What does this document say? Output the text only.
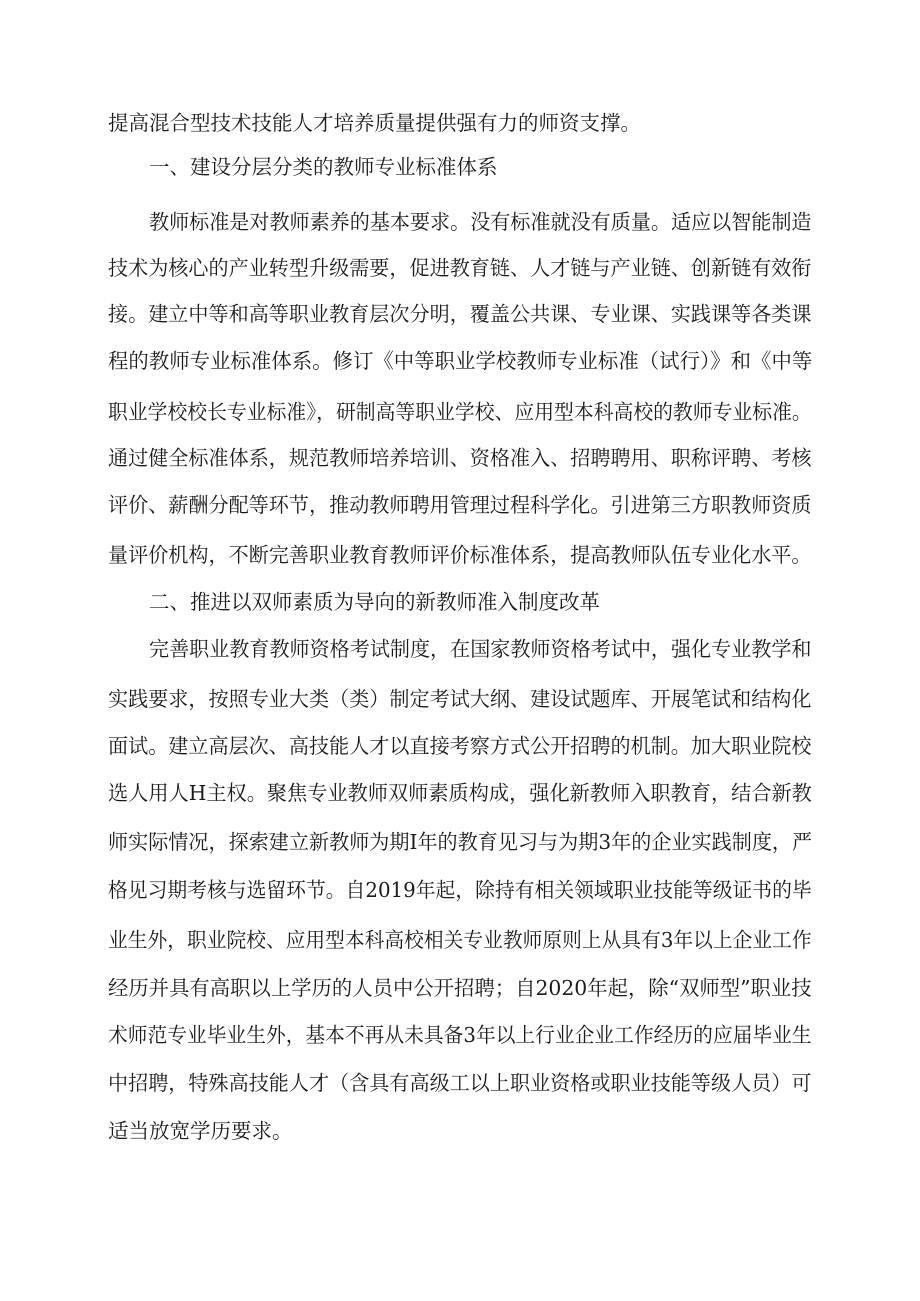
提高混合型技术技能人才培养质量提供强有力的师资支撑。
一、建设分层分类的教师专业标准体系
教师标准是对教师素养的基本要求。没有标准就没有质量。适应以智能制造
技术为核心的产业转型升级需要，促进教育链、人才链与产业链、创新链有效衔
接。建立中等和高等职业教育层次分明，覆盖公共课、专业课、实践课等各类课
程的教师专业标准体系。修订《中等职业学校教师专业标准（试行）》和《中等
职业学校校长专业标准》，研制高等职业学校、应用型本科高校的教师专业标准。
通过健全标准体系，规范教师培养培训、资格准入、招聘聘用、职称评聘、考核
评价、薪酬分配等环节，推动教师聘用管理过程科学化。引进第三方职教师资质
量评价机构，不断完善职业教育教师评价标准体系，提高教师队伍专业化水平。
二、推进以双师素质为导向的新教师准入制度改革
完善职业教育教师资格考试制度，在国家教师资格考试中，强化专业教学和
实践要求，按照专业大类（类）制定考试大纲、建设试题库、开展笔试和结构化
面试。建立高层次、高技能人才以直接考察方式公开招聘的机制。加大职业院校
选人用人H主权。聚焦专业教师双师素质构成，强化新教师入职教育，结合新教
师实际情况，探索建立新教师为期I年的教育见习与为期3年的企业实践制度，严
格见习期考核与选留环节。自2019年起，除持有相关领域职业技能等级证书的毕
业生外，职业院校、应用型本科高校相关专业教师原则上从具有3年以上企业工作
经历并具有高职以上学历的人员中公开招聘；自2020年起，除“双师型”职业技
术师范专业毕业生外，基本不再从未具备3年以上行业企业工作经历的应届毕业生
中招聘，特殊高技能人才（含具有高级工以上职业资格或职业技能等级人员）可
适当放宽学历要求。
